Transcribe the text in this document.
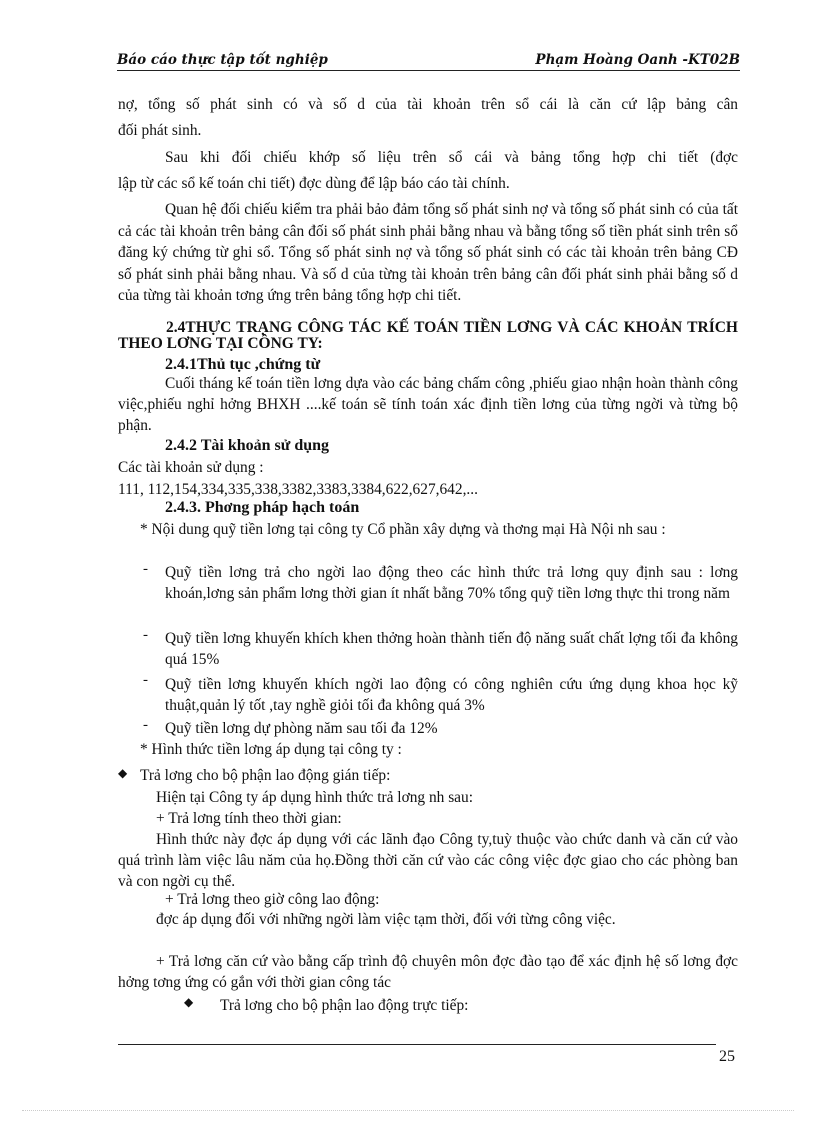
Báo cáo thực tập tốt nghiệp	Phạm Hoàng Oanh -KT02B

nợ, tổng số phát sinh có và số d của tài khoản trên sổ cái là căn cứ lập bảng cân

đối phát sinh.

Sau khi đối chiếu khớp số liệu trên sổ cái và bảng tổng hợp chi tiết (đợc

lập từ các sổ kế toán chi tiết) đợc dùng để lập báo cáo tài chính.

Quan hệ đối chiếu kiểm tra phải bảo đảm tổng số phát sinh nợ và tổng số phát sinh có của tất cả các tài khoản trên bảng cân đối số phát sinh phải bằng nhau và bằng tổng số tiền phát sinh trên sổ đăng ký chứng từ ghi sổ. Tổng số phát sinh nợ và tổng số phát sinh có các tài khoản trên bảng CĐ số phát sinh phải bằng nhau. Và số d của từng tài khoản trên bảng cân đối phát sinh phải bằng số d của từng tài khoản tơng ứng trên bảng tổng hợp chi tiết.

2.4THỰC TRẠNG CÔNG TÁC KẾ TOÁN TIỀN LƠNG VÀ CÁC KHOẢN TRÍCH THEO LƠNG TẠI CÔNG TY:

2.4.1Thủ tục ,chứng từ

Cuối tháng kế toán tiền lơng dựa vào các bảng chấm công ,phiếu giao nhận hoàn thành công việc,phiếu nghỉ hởng BHXH ....kế toán sẽ tính toán xác định tiền lơng của từng ngời và từng bộ phận.

2.4.2 Tài khoản sử dụng

Các tài khoản sử dụng :

111, 112,154,334,335,338,3382,3383,3384,622,627,642,...

2.4.3. Phơng pháp hạch toán

* Nội dung quỹ tiền lơng tại công ty Cổ phần xây dựng và thơng mại Hà Nội nh sau :

- Quỹ tiền lơng trả cho ngời lao động theo các hình thức trả lơng quy định sau : lơng khoán,lơng sản phẩm lơng thời gian ít nhất bằng 70% tổng quỹ tiền lơng thực thi trong năm

- Quỹ tiền lơng khuyến khích khen thởng hoàn thành tiến độ năng suất chất lợng tối đa không quá 15%

- Quỹ tiền lơng khuyến khích ngời lao động có công nghiên cứu ứng dụng khoa học kỹ thuật,quản lý tốt ,tay nghề giỏi tối đa không quá 3%

- Quỹ tiền lơng dự phòng năm sau tối đa 12%

* Hình thức tiền lơng áp dụng tại công ty :

◆ Trả lơng cho bộ phận lao động gián tiếp:

Hiện tại Công ty áp dụng hình thức trả lơng nh sau:

+ Trả lơng tính theo thời gian:

Hình thức này đợc áp dụng với các lãnh đạo Công ty,tuỳ thuộc vào chức danh và căn cứ vào quá trình làm việc lâu năm của họ.Đồng thời căn cứ vào các công việc đợc giao cho các phòng ban và con ngời cụ thể.

+ Trả lơng theo giờ công lao động:

đợc áp dụng đối với những ngời làm việc tạm thời, đối với từng công việc.

+ Trả lơng căn cứ vào bằng cấp trình độ chuyên môn đợc đào tạo để xác định hệ số lơng đợc hởng tơng ứng có gắn với thời gian công tác

◆ Trả lơng cho bộ phận lao động trực tiếp:

25
